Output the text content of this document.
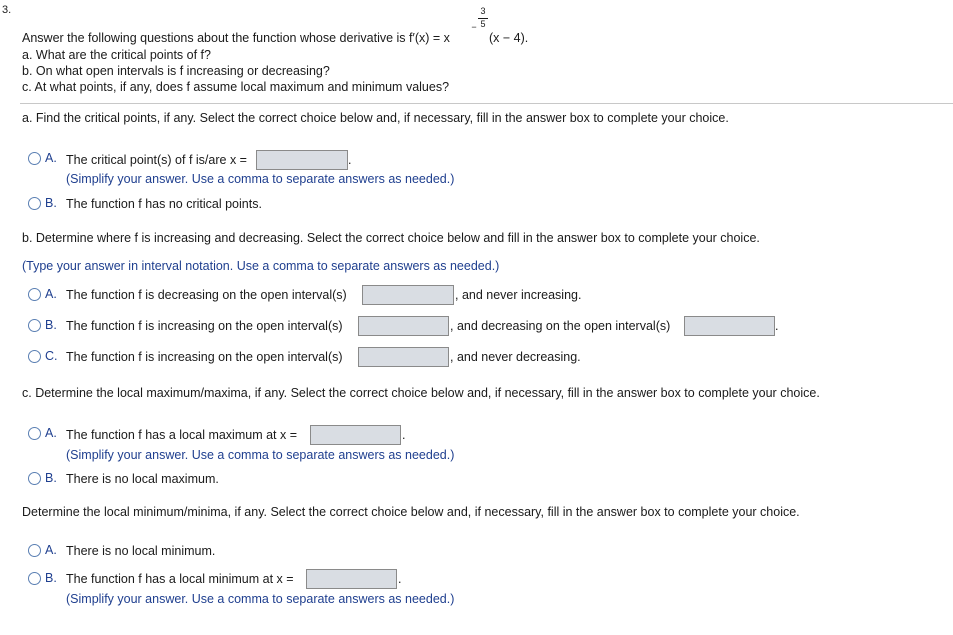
3.
Answer the following questions about the function whose derivative is f′(x) = x
−
3
5
(x − 4).
a. What are the critical points of f?
b. On what open intervals is f increasing or decreasing?
c. At what points, if any, does f assume local maximum and minimum values?
a. Find the critical points, if any. Select the correct choice below and, if necessary, fill in the answer box to complete your choice.
A. The critical point(s) of f is/are x =	.
(Simplify your answer. Use a comma to separate answers as needed.)
B. The function f has no critical points.
b. Determine where f is increasing and decreasing. Select the correct choice below and fill in the answer box to complete your choice.
(Type your answer in interval notation. Use a comma to separate answers as needed.)
A. The function f is decreasing on the open interval(s)	, and never increasing.
B. The function f is increasing on the open interval(s)	, and decreasing on the open interval(s)	.
C. The function f is increasing on the open interval(s)	, and never decreasing.
c. Determine the local maximum/maxima, if any. Select the correct choice below and, if necessary, fill in the answer box to complete your choice.
A. The function f has a local maximum at x =	.
(Simplify your answer. Use a comma to separate answers as needed.)
B. There is no local maximum.
Determine the local minimum/minima, if any. Select the correct choice below and, if necessary, fill in the answer box to complete your choice.
A. There is no local minimum.
B. The function f has a local minimum at x =	.
(Simplify your answer. Use a comma to separate answers as needed.)
